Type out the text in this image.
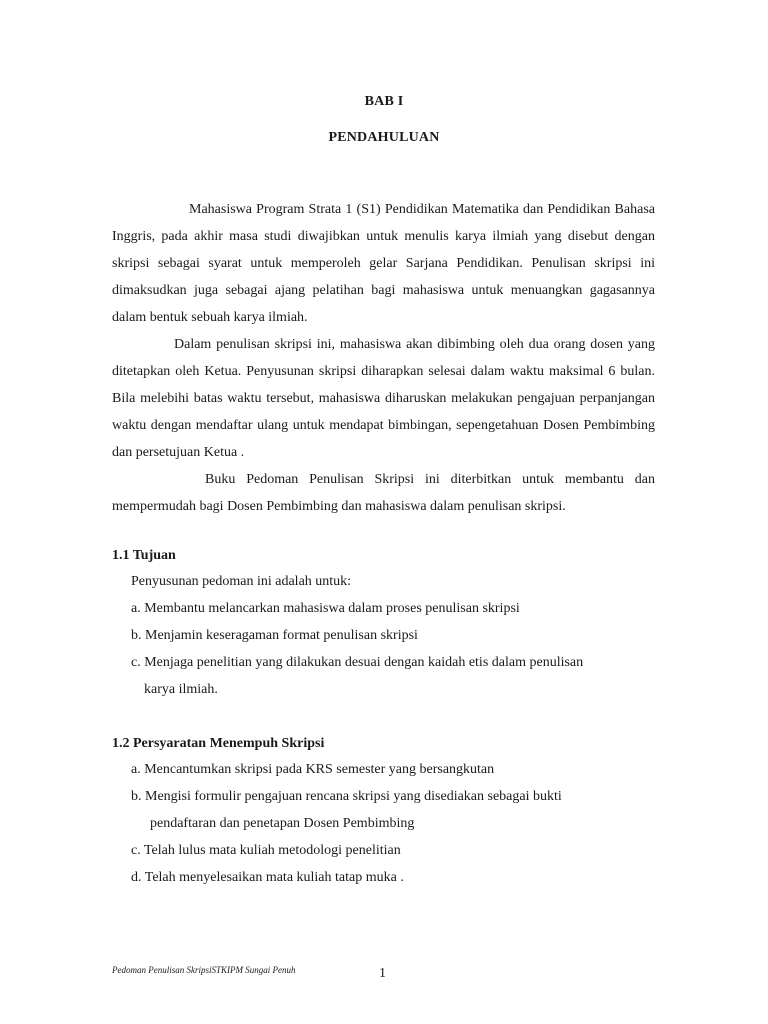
BAB I
PENDAHULUAN
Mahasiswa Program Strata 1 (S1) Pendidikan Matematika dan Pendidikan Bahasa Inggris, pada akhir masa studi diwajibkan untuk menulis karya ilmiah yang disebut dengan skripsi sebagai syarat untuk memperoleh gelar Sarjana Pendidikan. Penulisan skripsi ini dimaksudkan juga sebagai ajang pelatihan bagi mahasiswa untuk menuangkan gagasannya dalam bentuk sebuah karya ilmiah.
Dalam penulisan skripsi ini, mahasiswa akan dibimbing oleh dua orang dosen yang ditetapkan oleh Ketua. Penyusunan skripsi diharapkan selesai dalam waktu maksimal 6 bulan. Bila melebihi batas waktu tersebut, mahasiswa diharuskan melakukan pengajuan perpanjangan waktu dengan mendaftar ulang untuk mendapat bimbingan, sepengetahuan Dosen Pembimbing dan persetujuan Ketua .
Buku Pedoman Penulisan Skripsi ini diterbitkan untuk membantu dan mempermudah bagi Dosen Pembimbing dan mahasiswa dalam penulisan skripsi.
1.1 Tujuan
Penyusunan pedoman ini adalah untuk:
a. Membantu melancarkan mahasiswa dalam proses penulisan skripsi
b. Menjamin keseragaman format penulisan skripsi
c. Menjaga penelitian yang dilakukan desuai dengan kaidah etis dalam penulisan
karya ilmiah.
1.2 Persyaratan Menempuh Skripsi
a. Mencantumkan skripsi pada KRS semester yang bersangkutan
b. Mengisi formulir pengajuan rencana skripsi yang disediakan sebagai bukti
pendaftaran dan penetapan Dosen Pembimbing
c. Telah lulus mata kuliah metodologi penelitian
d. Telah menyelesaikan mata kuliah tatap muka .
Pedoman Penulisan SkripsiSTKIPM Sungai Penuh	1
